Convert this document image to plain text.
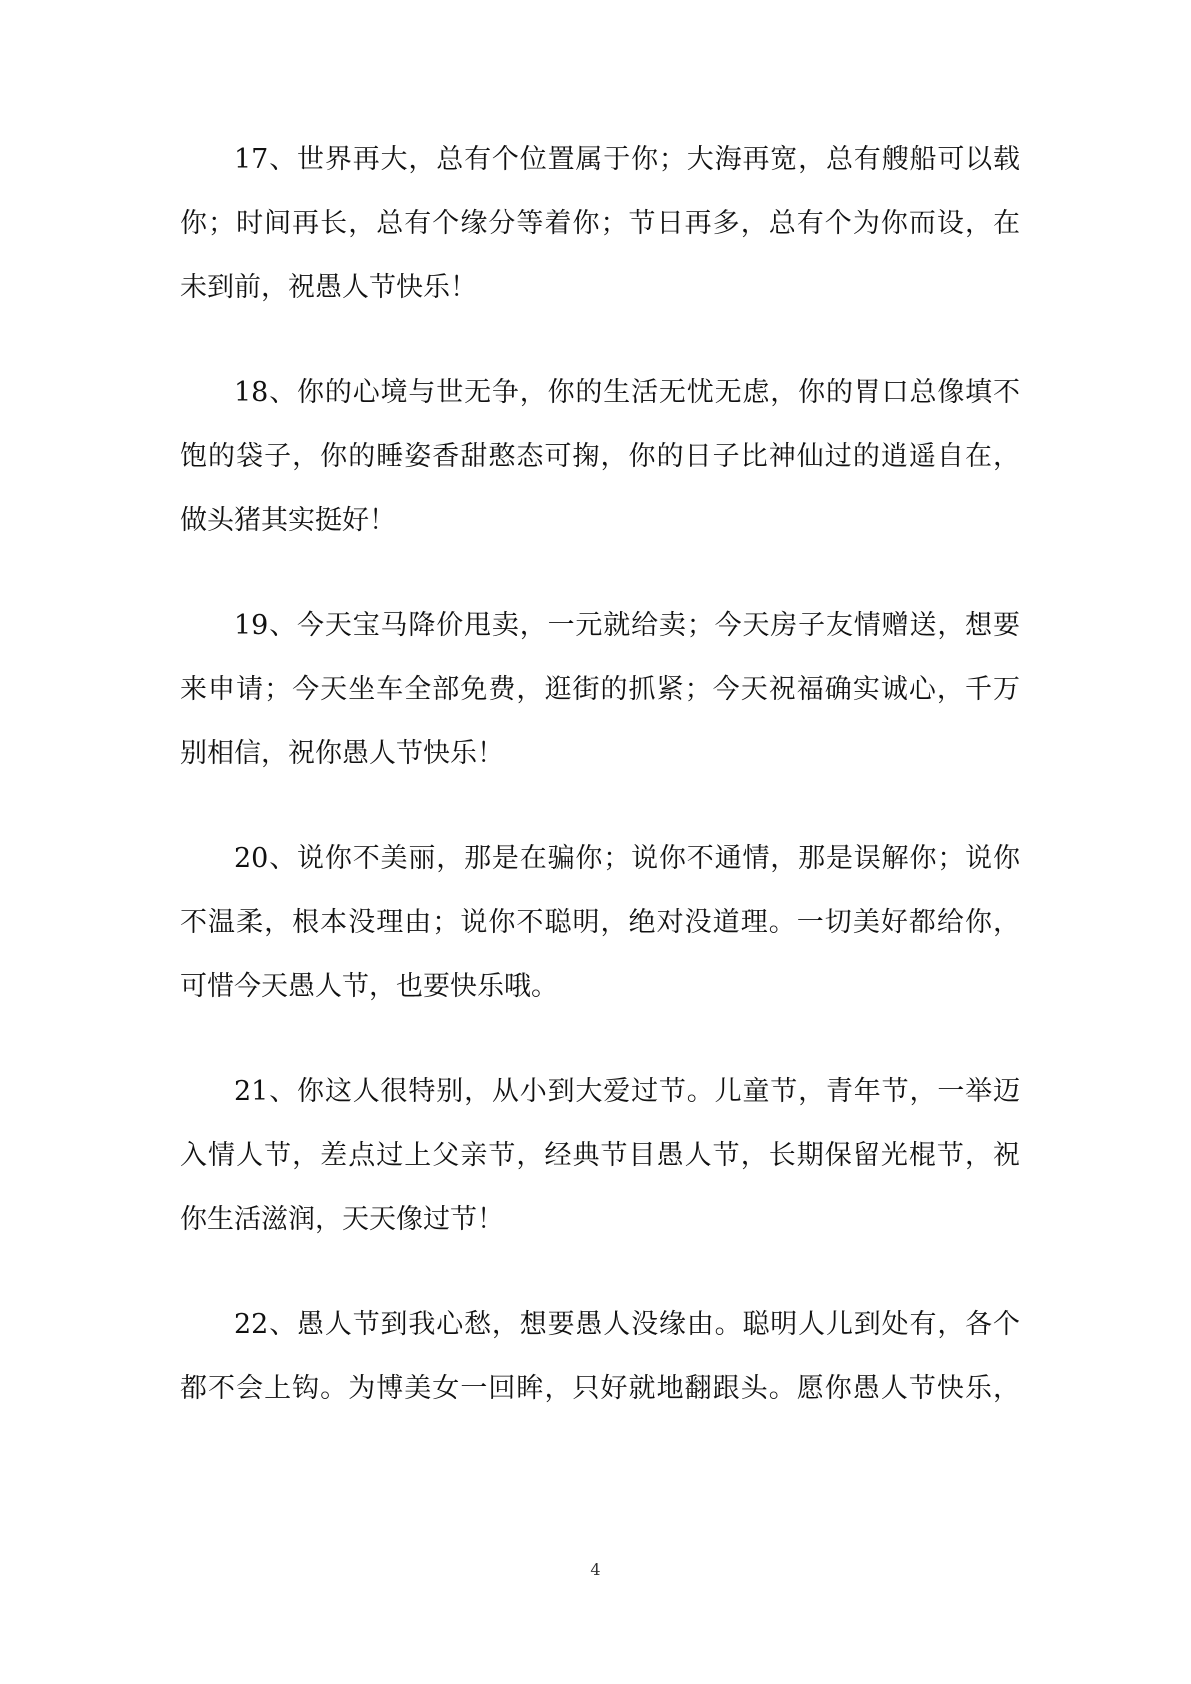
17、世界再大，总有个位置属于你；大海再宽，总有艘船可以载
你；时间再长，总有个缘分等着你；节日再多，总有个为你而设，在
未到前，祝愚人节快乐！
18、你的心境与世无争，你的生活无忧无虑，你的胃口总像填不
饱的袋子，你的睡姿香甜憨态可掬，你的日子比神仙过的逍遥自在，
做头猪其实挺好！
19、今天宝马降价甩卖，一元就给卖；今天房子友情赠送，想要
来申请；今天坐车全部免费，逛街的抓紧；今天祝福确实诚心，千万
别相信，祝你愚人节快乐！
20、说你不美丽，那是在骗你；说你不通情，那是误解你；说你
不温柔，根本没理由；说你不聪明，绝对没道理。一切美好都给你，
可惜今天愚人节，也要快乐哦。
21、你这人很特别，从小到大爱过节。儿童节，青年节，一举迈
入情人节，差点过上父亲节，经典节目愚人节，长期保留光棍节，祝
你生活滋润，天天像过节！
22、愚人节到我心愁，想要愚人没缘由。聪明人儿到处有，各个
都不会上钩。为博美女一回眸，只好就地翻跟头。愿你愚人节快乐，
4
